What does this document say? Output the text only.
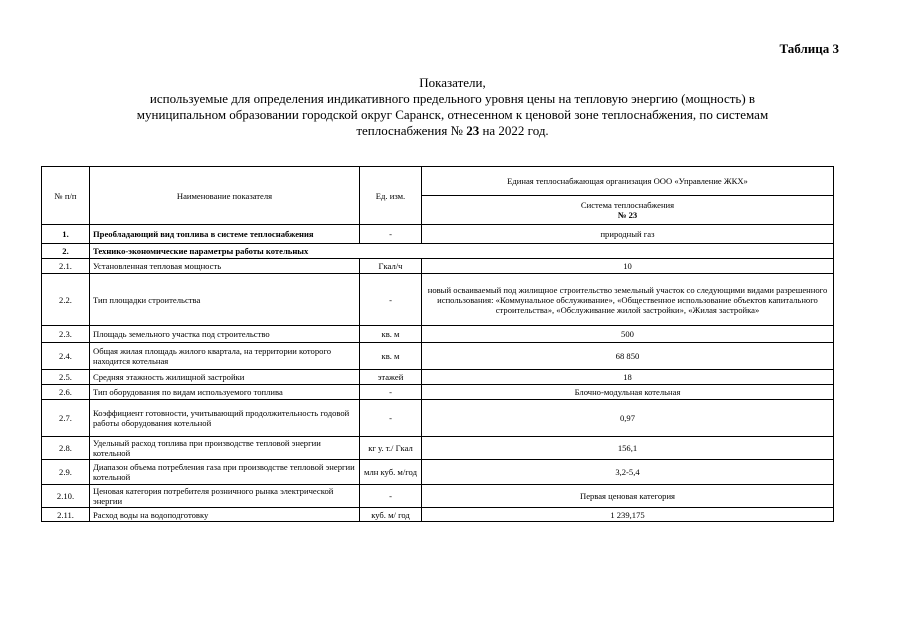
Таблица 3
Показатели,
используемые для определения индикативного предельного уровня цены на тепловую энергию (мощность) в
муниципальном образовании городской округ Саранск, отнесенном к ценовой зоне теплоснабжения, по системам
теплоснабжения № 23 на 2022 год.
№ п/п	Наименование показателя	Ед. изм.	Единая теплоснабжающая организация ООО «Управление ЖКХ»

			Система теплоснабжения
№ 23

1.	Преобладающий вид топлива в системе теплоснабжения	-	природный газ
2.	Технико-экономические параметры работы котельных		
2.1.	Установленная тепловая мощность	Гкал/ч	10
2.2.	Тип площадки строительства	-	новый осваиваемый под жилищное строительство земельный участок со следующими видами разрешенного использования: «Коммунальное обслуживание», «Общественное использование объектов капитального строительства», «Обслуживание жилой застройки», «Жилая застройка»
2.3.	Площадь земельного участка под строительство	кв. м	500
2.4.	Общая жилая площадь жилого квартала, на территории которого находится котельная	кв. м	68 850
2.5.	Средняя этажность жилищной застройки	этажей	18
2.6.	Тип оборудования по видам используемого топлива	-	Блочно-модульная котельная
2.7.	Коэффициент готовности, учитывающий продолжительность годовой работы оборудования котельной	-	0,97
2.8.	Удельный расход топлива при производстве тепловой энергии котельной	кг у. т./ Гкал	156,1
2.9.	Диапазон объема потребления газа при производстве тепловой энергии котельной	млн куб. м/год	3,2-5,4
2.10.	Ценовая категория потребителя розничного рынка электрической энергии	-	Первая ценовая категория
2.11.	Расход воды на водоподготовку	куб. м/ год	1 239,175
